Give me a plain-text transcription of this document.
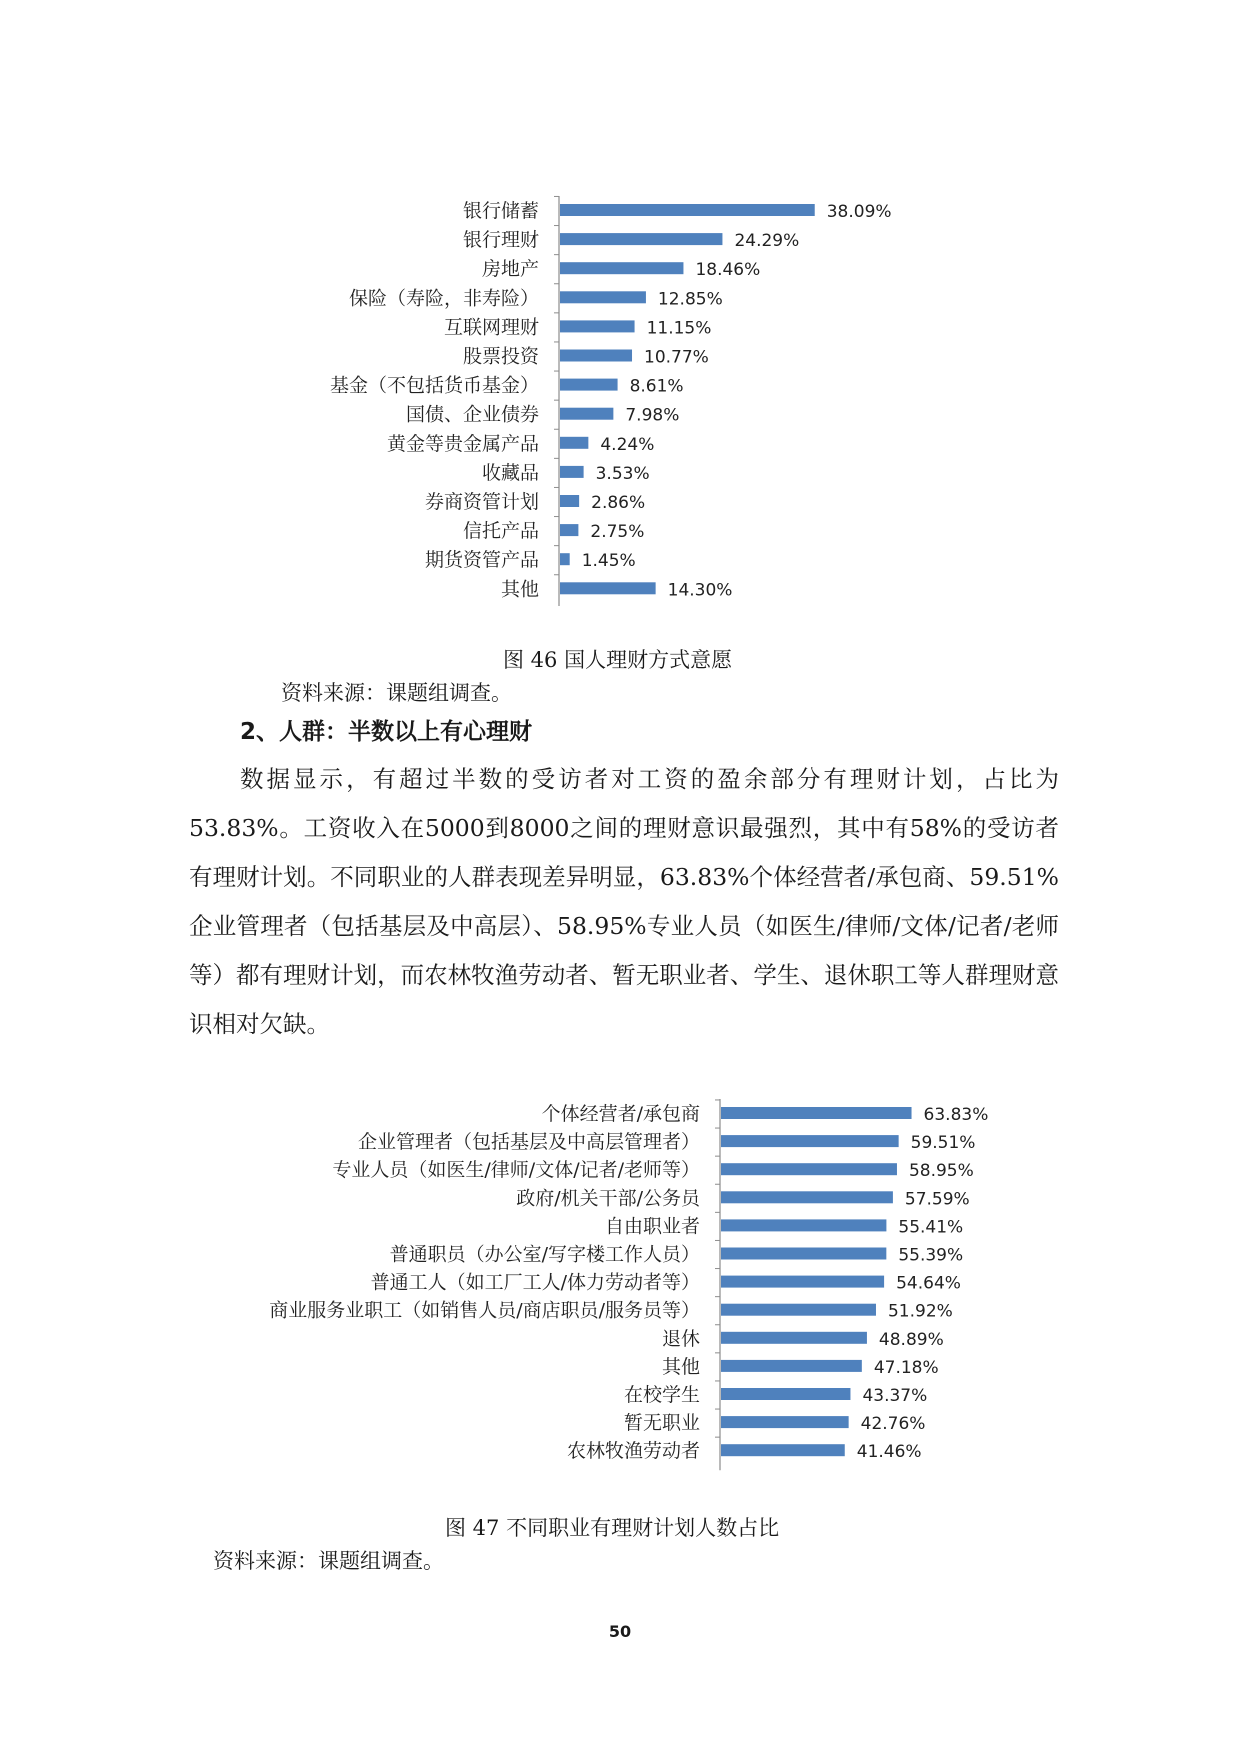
银行储蓄	38.09%
银行理财	24.29%
房地产	18.46%
保险（寿险，非寿险）	12.85%
互联网理财	11.15%
股票投资	10.77%
基金（不包括货币基金）	8.61%
国债、企业债券	7.98%
黄金等贵金属产品	4.24%
收藏品	3.53%
券商资管计划	2.86%
信托产品	2.75%
期货资管产品	1.45%
其他	14.30%
图 46 国人理财方式意愿
资料来源：课题组调查。
2、人群：半数以上有心理财

数据显示，有超过半数的受访者对工资的盈余部分有理财计划，占比为53.83%。工资收入在5000到8000之间的理财意识最强烈，其中有58%的受访者有理财计划。不同职业的人群表现差异明显，63.83%个体经营者/承包商、59.51%企业管理者（包括基层及中高层）、58.95%专业人员（如医生/律师/文体/记者/老师等）都有理财计划，而农林牧渔劳动者、暂无职业者、学生、退休职工等人群理财意识相对欠缺。

个体经营者/承包商	63.83%
企业管理者（包括基层及中高层管理者）	59.51%
专业人员（如医生/律师/文体/记者/老师等）	58.95%
政府/机关干部/公务员	57.59%
自由职业者	55.41%
普通职员（办公室/写字楼工作人员）	55.39%
普通工人（如工厂工人/体力劳动者等）	54.64%
商业服务业职工（如销售人员/商店职员/服务员等）	51.92%
退休	48.89%
其他	47.18%
在校学生	43.37%
暂无职业	42.76%
农林牧渔劳动者	41.46%
图 47 不同职业有理财计划人数占比
资料来源：课题组调查。
50
